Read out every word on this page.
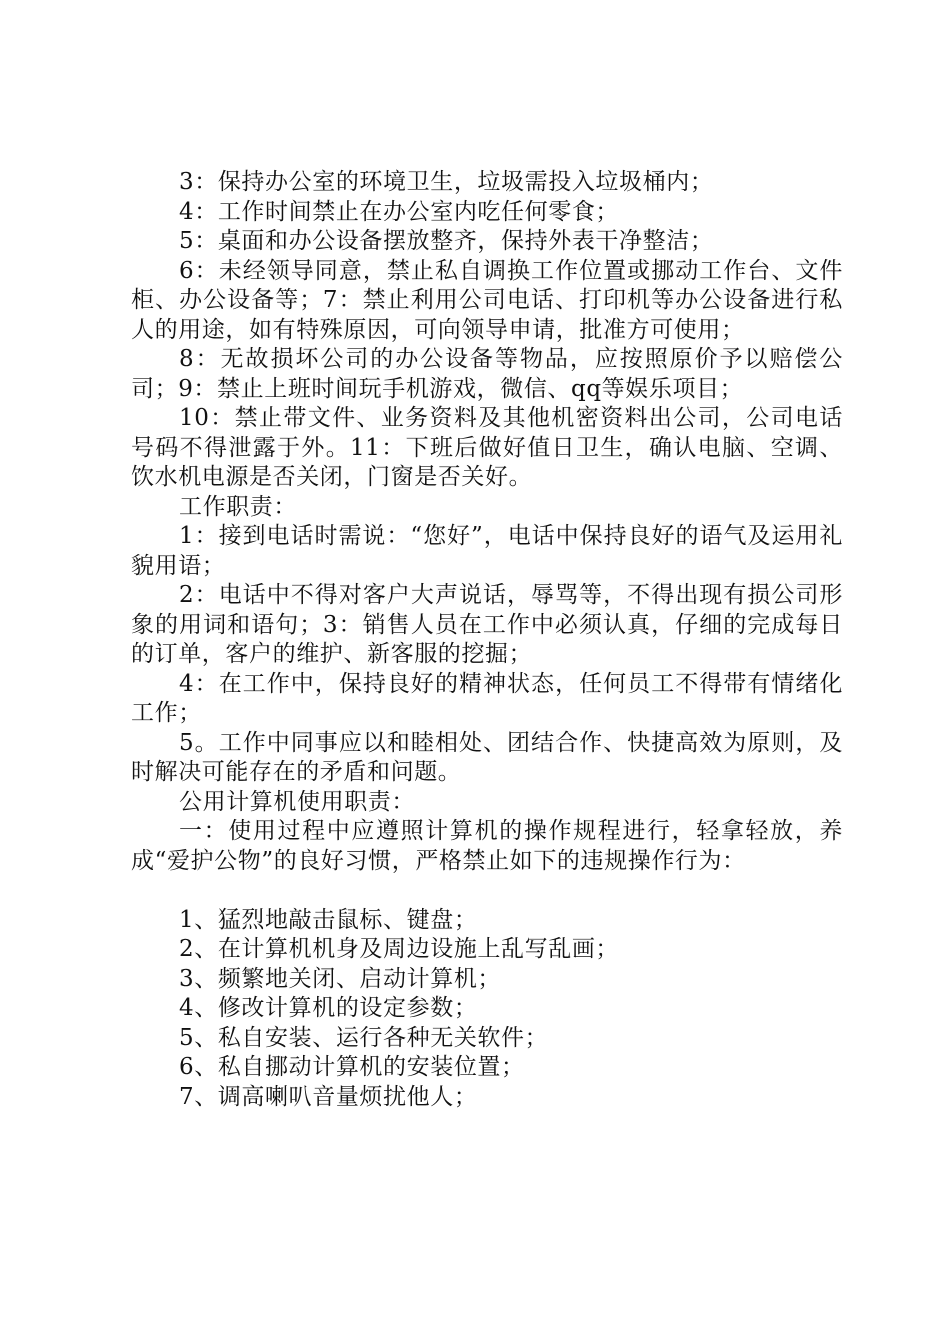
3：保持办公室的环境卫生，垃圾需投入垃圾桶内；

4：工作时间禁止在办公室内吃任何零食；

5：桌面和办公设备摆放整齐，保持外表干净整洁；

6：未经领导同意，禁止私自调换工作位置或挪动工作台、文件柜、办公设备等；7：禁止利用公司电话、打印机等办公设备进行私人的用途，如有特殊原因，可向领导申请，批准方可使用；

8：无故损坏公司的办公设备等物品，应按照原价予以赔偿公司；9：禁止上班时间玩手机游戏，微信、qq等娱乐项目；

10：禁止带文件、业务资料及其他机密资料出公司，公司电话号码不得泄露于外。11：下班后做好值日卫生，确认电脑、空调、饮水机电源是否关闭，门窗是否关好。

工作职责：

1：接到电话时需说：“您好”，电话中保持良好的语气及运用礼貌用语；

2：电话中不得对客户大声说话，辱骂等，不得出现有损公司形象的用词和语句；3：销售人员在工作中必须认真，仔细的完成每日的订单，客户的维护、新客服的挖掘；

4：在工作中，保持良好的精神状态，任何员工不得带有情绪化工作；

5。工作中同事应以和睦相处、团结合作、快捷高效为原则，及时解决可能存在的矛盾和问题。

公用计算机使用职责：

一：使用过程中应遵照计算机的操作规程进行，轻拿轻放，养成“爱护公物”的良好习惯，严格禁止如下的违规操作行为：

1、猛烈地敲击鼠标、键盘；

2、在计算机机身及周边设施上乱写乱画；

3、频繁地关闭、启动计算机；

4、修改计算机的设定参数；

5、私自安装、运行各种无关软件；

6、私自挪动计算机的安装位置；

7、调高喇叭音量烦扰他人；
